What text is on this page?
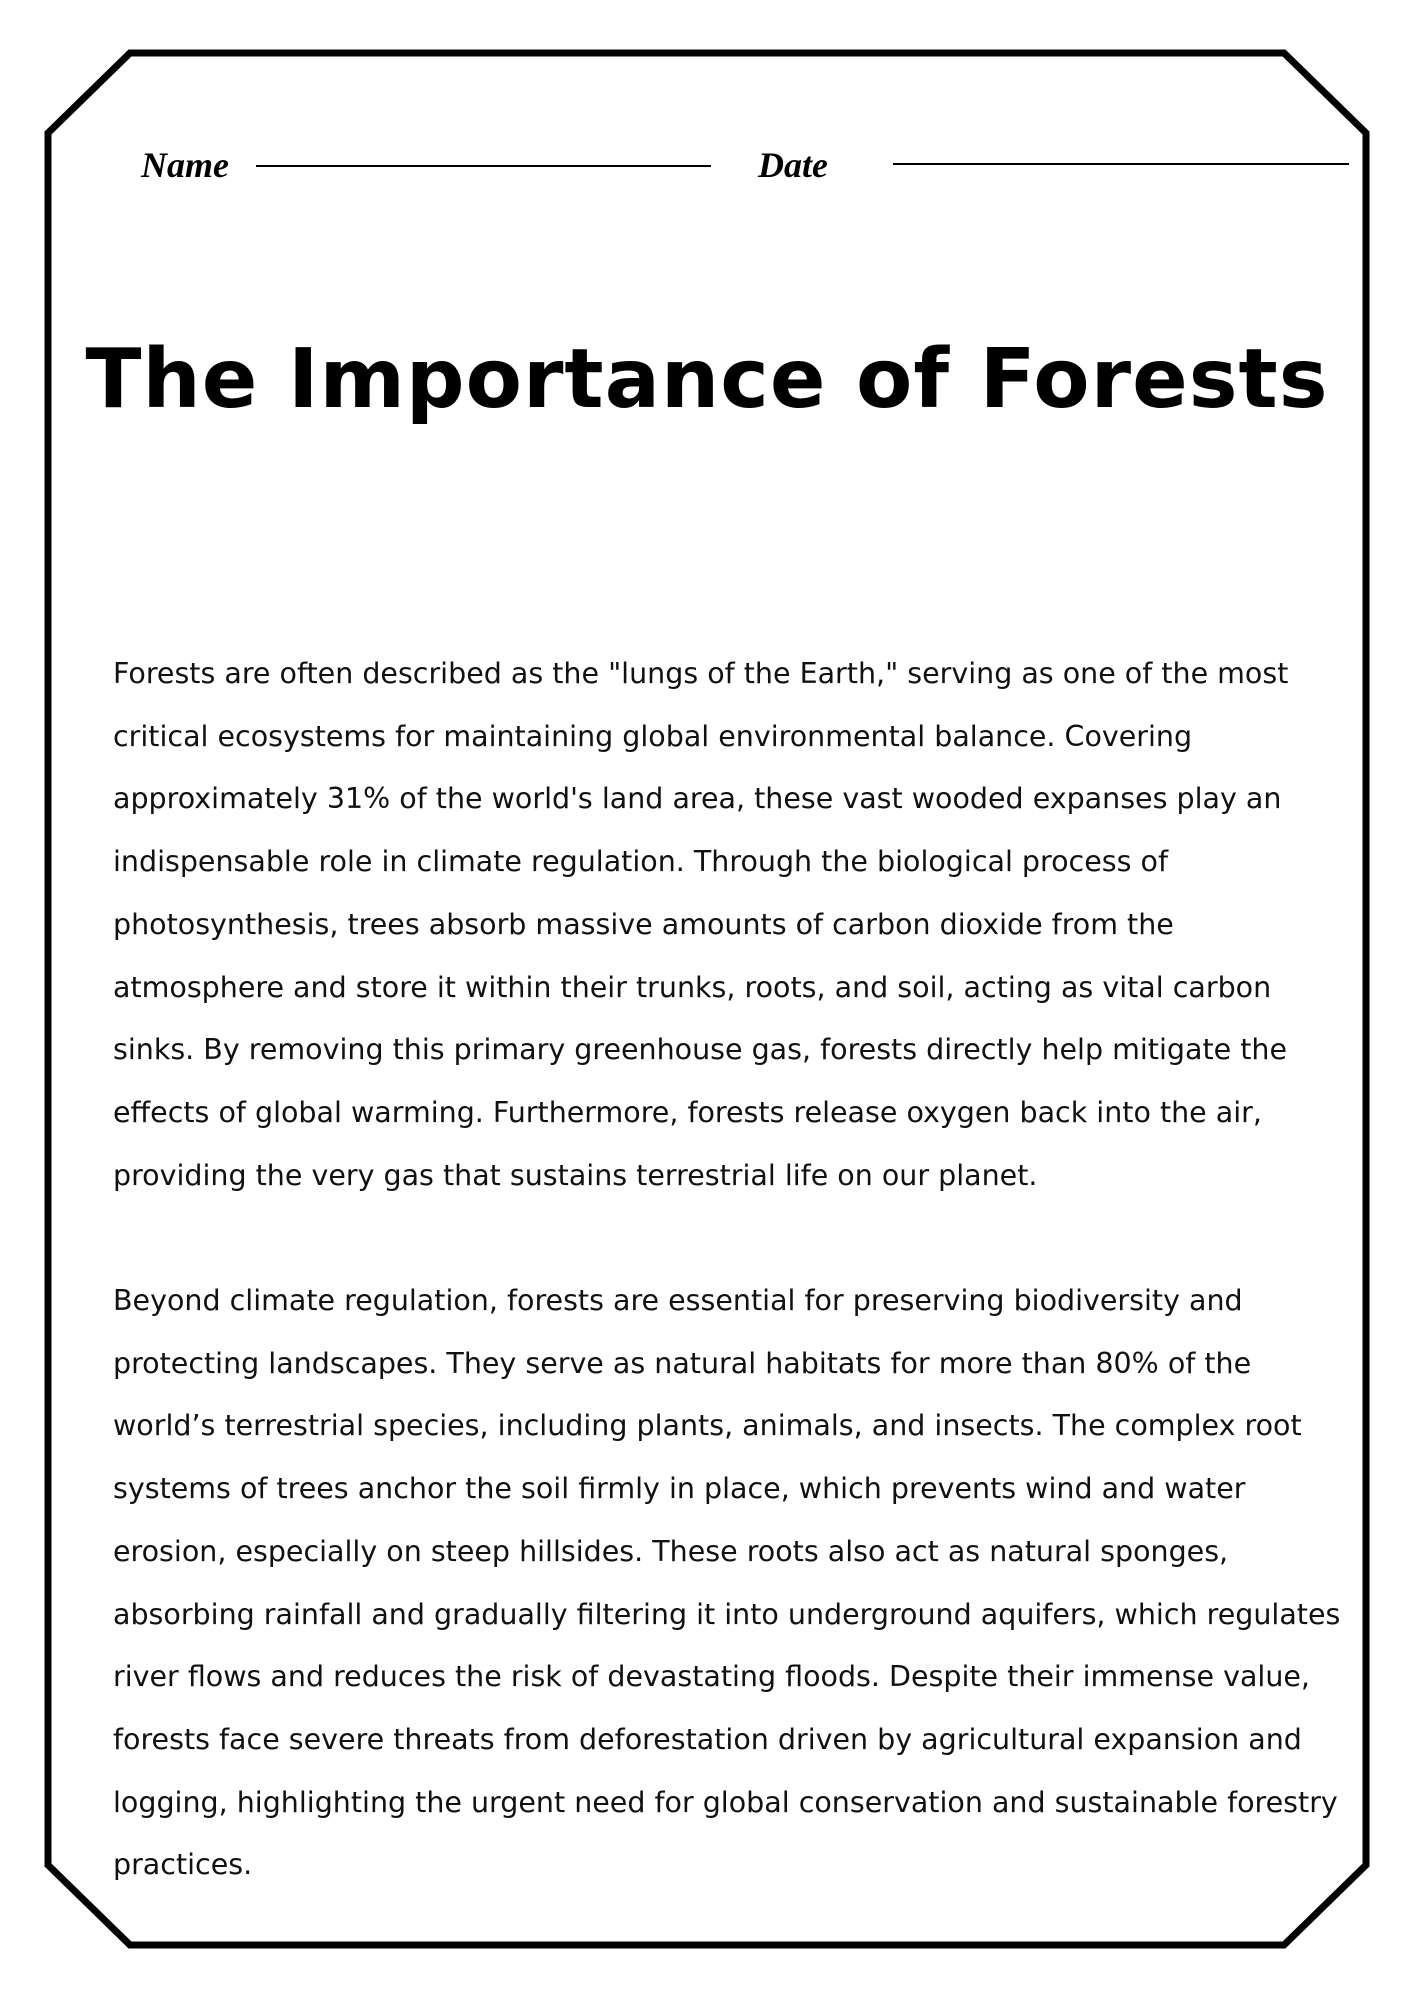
Name	Date
The Importance of Forests

Forests are often described as the "lungs of the Earth," serving as one of the most critical ecosystems for maintaining global environmental balance. Covering approximately 31% of the world's land area, these vast wooded expanses play an indispensable role in climate regulation. Through the biological process of photosynthesis, trees absorb massive amounts of carbon dioxide from the atmosphere and store it within their trunks, roots, and soil, acting as vital carbon sinks. By removing this primary greenhouse gas, forests directly help mitigate the effects of global warming. Furthermore, forests release oxygen back into the air, providing the very gas that sustains terrestrial life on our planet.

Beyond climate regulation, forests are essential for preserving biodiversity and protecting landscapes. They serve as natural habitats for more than 80% of the world’s terrestrial species, including plants, animals, and insects. The complex root systems of trees anchor the soil firmly in place, which prevents wind and water erosion, especially on steep hillsides. These roots also act as natural sponges, absorbing rainfall and gradually filtering it into underground aquifers, which regulates river flows and reduces the risk of devastating floods. Despite their immense value, forests face severe threats from deforestation driven by agricultural expansion and logging, highlighting the urgent need for global conservation and sustainable forestry practices.
